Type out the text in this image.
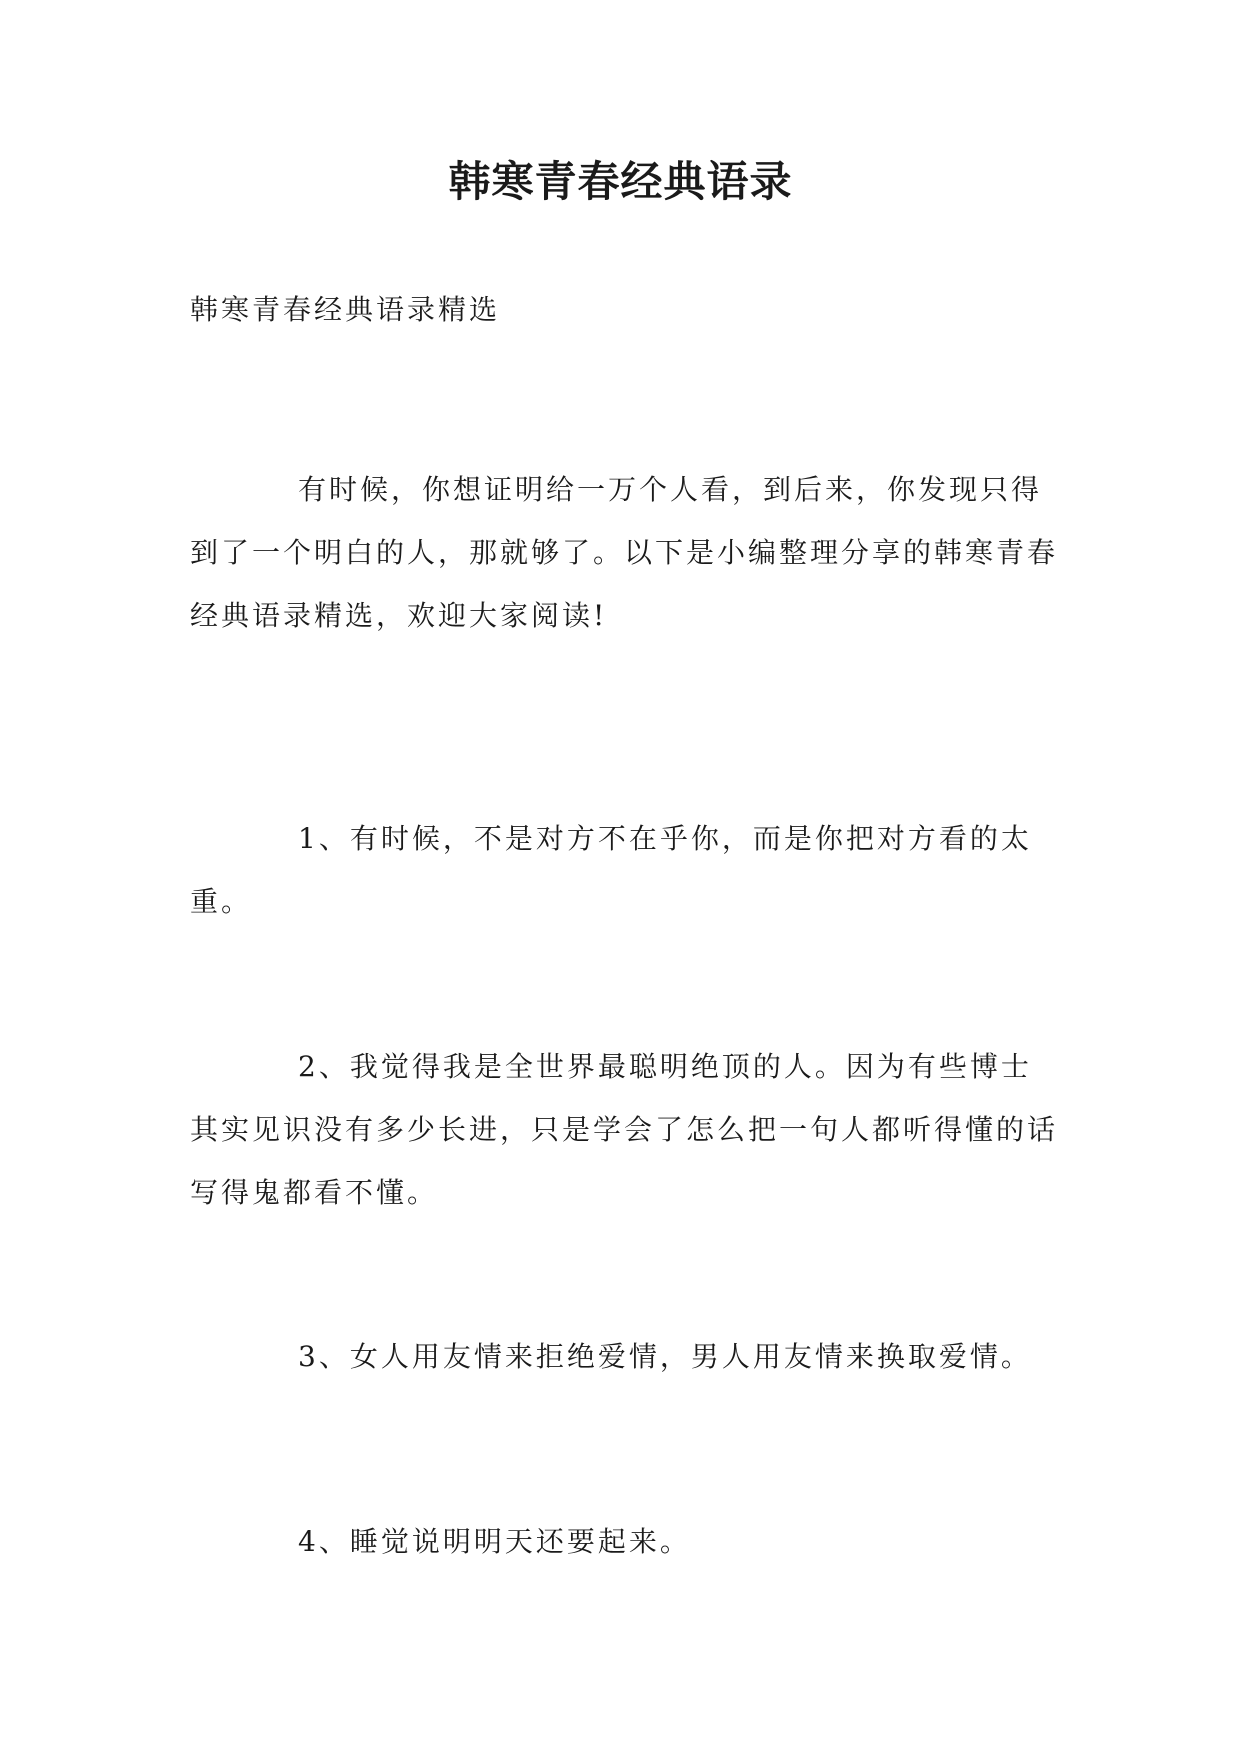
韩寒青春经典语录

韩寒青春经典语录精选

有时候，你想证明给一万个人看，到后来，你发现只得到了一个明白的人，那就够了。以下是小编整理分享的韩寒青春经典语录精选，欢迎大家阅读!

1、有时候，不是对方不在乎你，而是你把对方看的太重。

2、我觉得我是全世界最聪明绝顶的人。因为有些博士其实见识没有多少长进，只是学会了怎么把一句人都听得懂的话写得鬼都看不懂。

3、女人用友情来拒绝爱情，男人用友情来换取爱情。

4、睡觉说明明天还要起来。
